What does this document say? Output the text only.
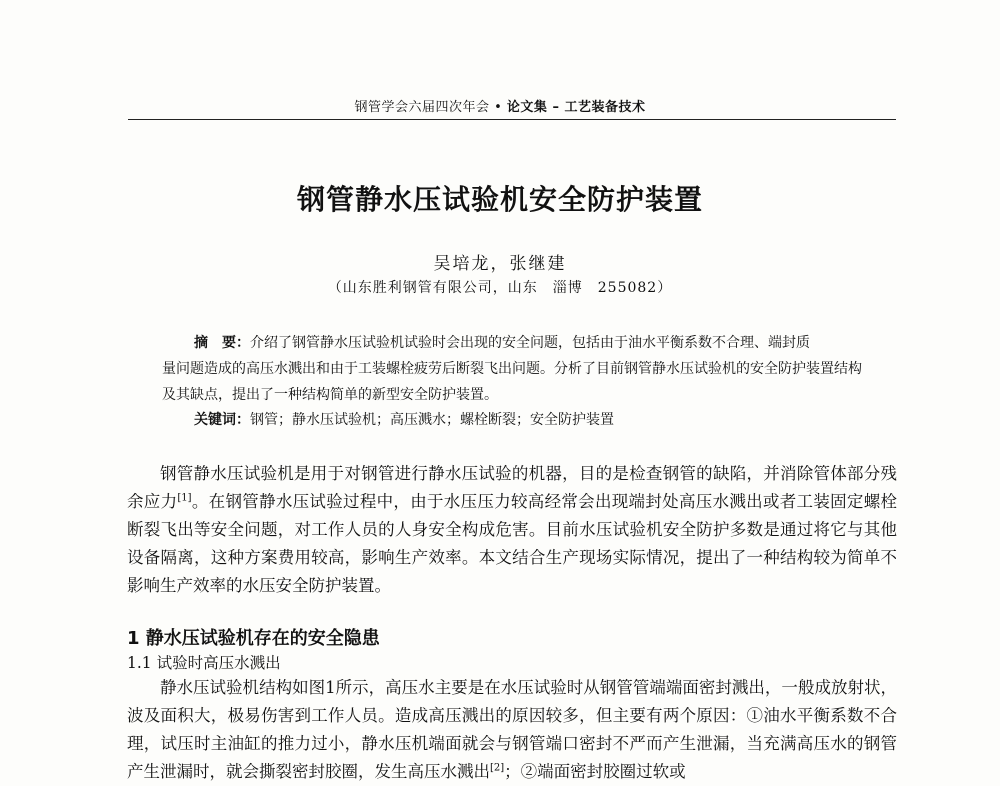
钢管学会六届四次年会 • 论文集 – 工艺装备技术
钢管静水压试验机安全防护装置
吴培龙，张继建
（山东胜利钢管有限公司，山东　淄博　255082）
摘　要：介绍了钢管静水压试验机试验时会出现的安全问题，包括由于油水平衡系数不合理、端封质
量问题造成的高压水溅出和由于工装螺栓疲劳后断裂飞出问题。分析了目前钢管静水压试验机的安全防护装置结构及其缺点，提出了一种结构简单的新型安全防护装置。
关键词：钢管；静水压试验机；高压溅水；螺栓断裂；安全防护装置
钢管静水压试验机是用于对钢管进行静水压试验的机器，目的是检查钢管的缺陷，并消除管体部分残余应力[1]。在钢管静水压试验过程中，由于水压压力较高经常会出现端封处高压水溅出或者工装固定螺栓断裂飞出等安全问题，对工作人员的人身安全构成危害。目前水压试验机安全防护多数是通过将它与其他设备隔离，这种方案费用较高，影响生产效率。本文结合生产现场实际情况，提出了一种结构较为简单不影响生产效率的水压安全防护装置。
1 静水压试验机存在的安全隐患
1.1 试验时高压水溅出
静水压试验机结构如图1所示，高压水主要是在水压试验时从钢管管端端面密封溅出，一般成放射状，波及面积大，极易伤害到工作人员。造成高压溅出的原因较多，但主要有两个原因：①油水平衡系数不合理，试压时主油缸的推力过小，静水压机端面就会与钢管端口密封不严而产生泄漏，当充满高压水的钢管产生泄漏时，就会撕裂密封胶圈，发生高压水溅出[2]；②端面密封胶圈过软或
